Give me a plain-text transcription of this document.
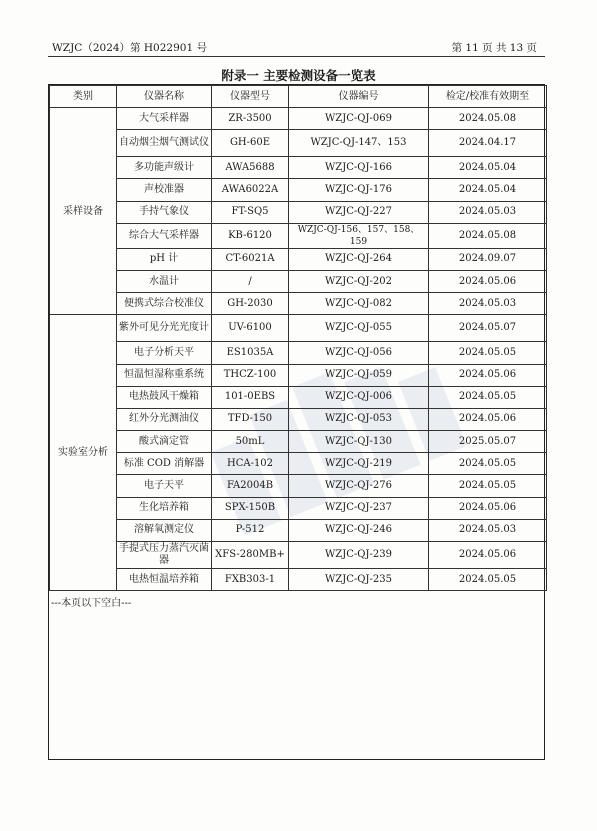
WZJC（2024）第 H022901 号	第 11 页 共 13 页
附录一 主要检测设备一览表
类别	仪器名称	仪器型号	仪器编号	检定/校准有效期至
采样设备	大气采样器	ZR-3500	WZJC-QJ-069	2024.05.08
	自动烟尘烟气测试仪	GH-60E	WZJC-QJ-147、153	2024.04.17
	多功能声级计	AWA5688	WZJC-QJ-166	2024.05.04
	声校准器	AWA6022A	WZJC-QJ-176	2024.05.04
	手持气象仪	FT-SQ5	WZJC-QJ-227	2024.05.03
	综合大气采样器	KB-6120	WZJC-QJ-156、157、158、159	2024.05.08
	pH 计	CT-6021A	WZJC-QJ-264	2024.09.07
	水温计	/	WZJC-QJ-202	2024.05.06
	便携式综合校准仪	GH-2030	WZJC-QJ-082	2024.05.03
实验室分析	紫外可见分光光度计	UV-6100	WZJC-QJ-055	2024.05.07
	电子分析天平	ES1035A	WZJC-QJ-056	2024.05.05
	恒温恒湿称重系统	THCZ-100	WZJC-QJ-059	2024.05.06
	电热鼓风干燥箱	101-0EBS	WZJC-QJ-006	2024.05.05
	红外分光测油仪	TFD-150	WZJC-QJ-053	2024.05.06
	酸式滴定管	50mL	WZJC-QJ-130	2025.05.07
	标准 COD 消解器	HCA-102	WZJC-QJ-219	2024.05.05
	电子天平	FA2004B	WZJC-QJ-276	2024.05.05
	生化培养箱	SPX-150B	WZJC-QJ-237	2024.05.06
	溶解氧测定仪	P-512	WZJC-QJ-246	2024.05.03
	手提式压力蒸汽灭菌器	XFS-280MB+	WZJC-QJ-239	2024.05.06
	电热恒温培养箱	FXB303-1	WZJC-QJ-235	2024.05.05
---本页以下空白---
